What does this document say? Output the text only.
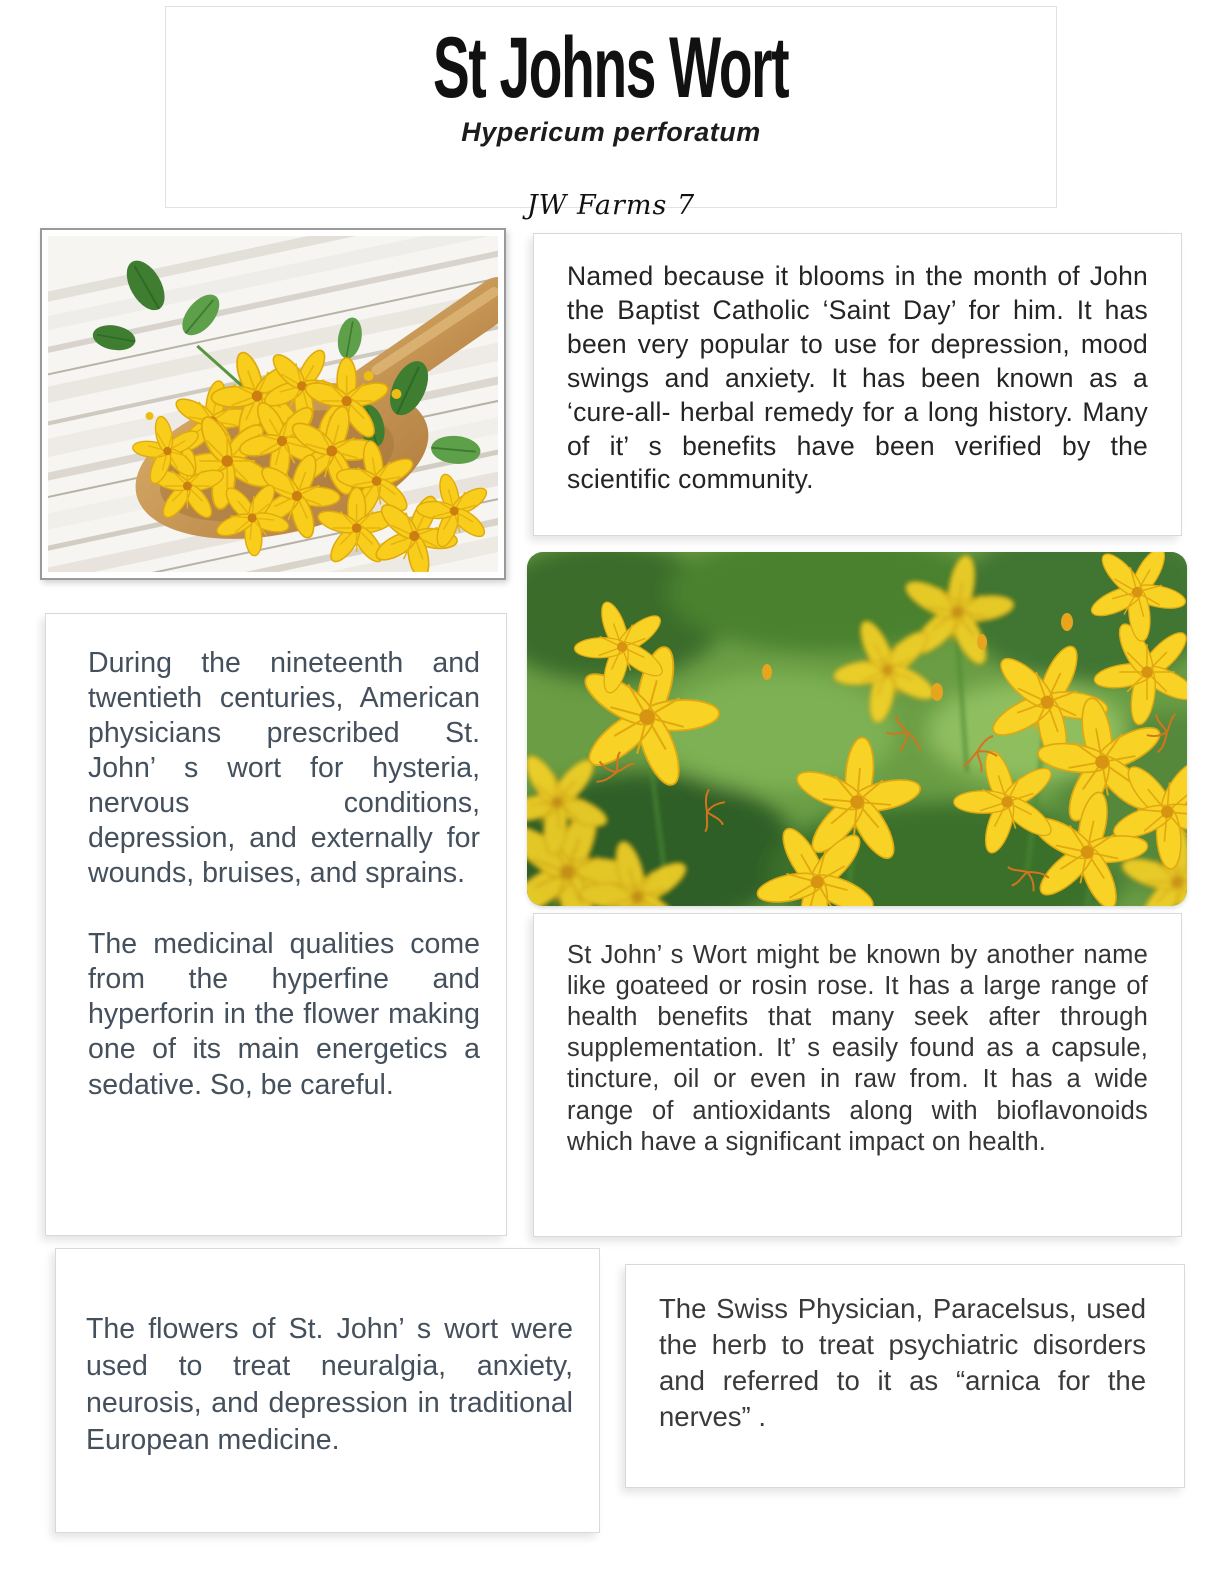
St Johns Wort
Hypericum perforatum
JW Farms 7

Named because it blooms in the month of John the Baptist Catholic ‘Saint Day’ for him. It has been very popular to use for depression, mood swings and anxiety. It has been known as a ‘cure-all- herbal remedy for a long history. Many of it’ s benefits have been verified by the scientific community.

During the nineteenth and twentieth centuries, American physicians prescribed St. John’ s wort for hysteria, nervous conditions, depression, and externally for wounds, bruises, and sprains.

The medicinal qualities come from the hyperfine and hyperforin in the flower making one of its main energetics a sedative. So, be careful.

St John’ s Wort might be known by another name like goateed or rosin rose. It has a large range of health benefits that many seek after through supplementation. It’ s easily found as a capsule, tincture, oil or even in raw from. It has a wide range of antioxidants along with bioflavonoids which have a significant impact on health.

The flowers of St. John’ s wort were used to treat neuralgia, anxiety, neurosis, and depression in traditional European medicine.

The Swiss Physician, Paracelsus, used the herb to treat psychiatric disorders and referred to it as “arnica for the nerves” .
